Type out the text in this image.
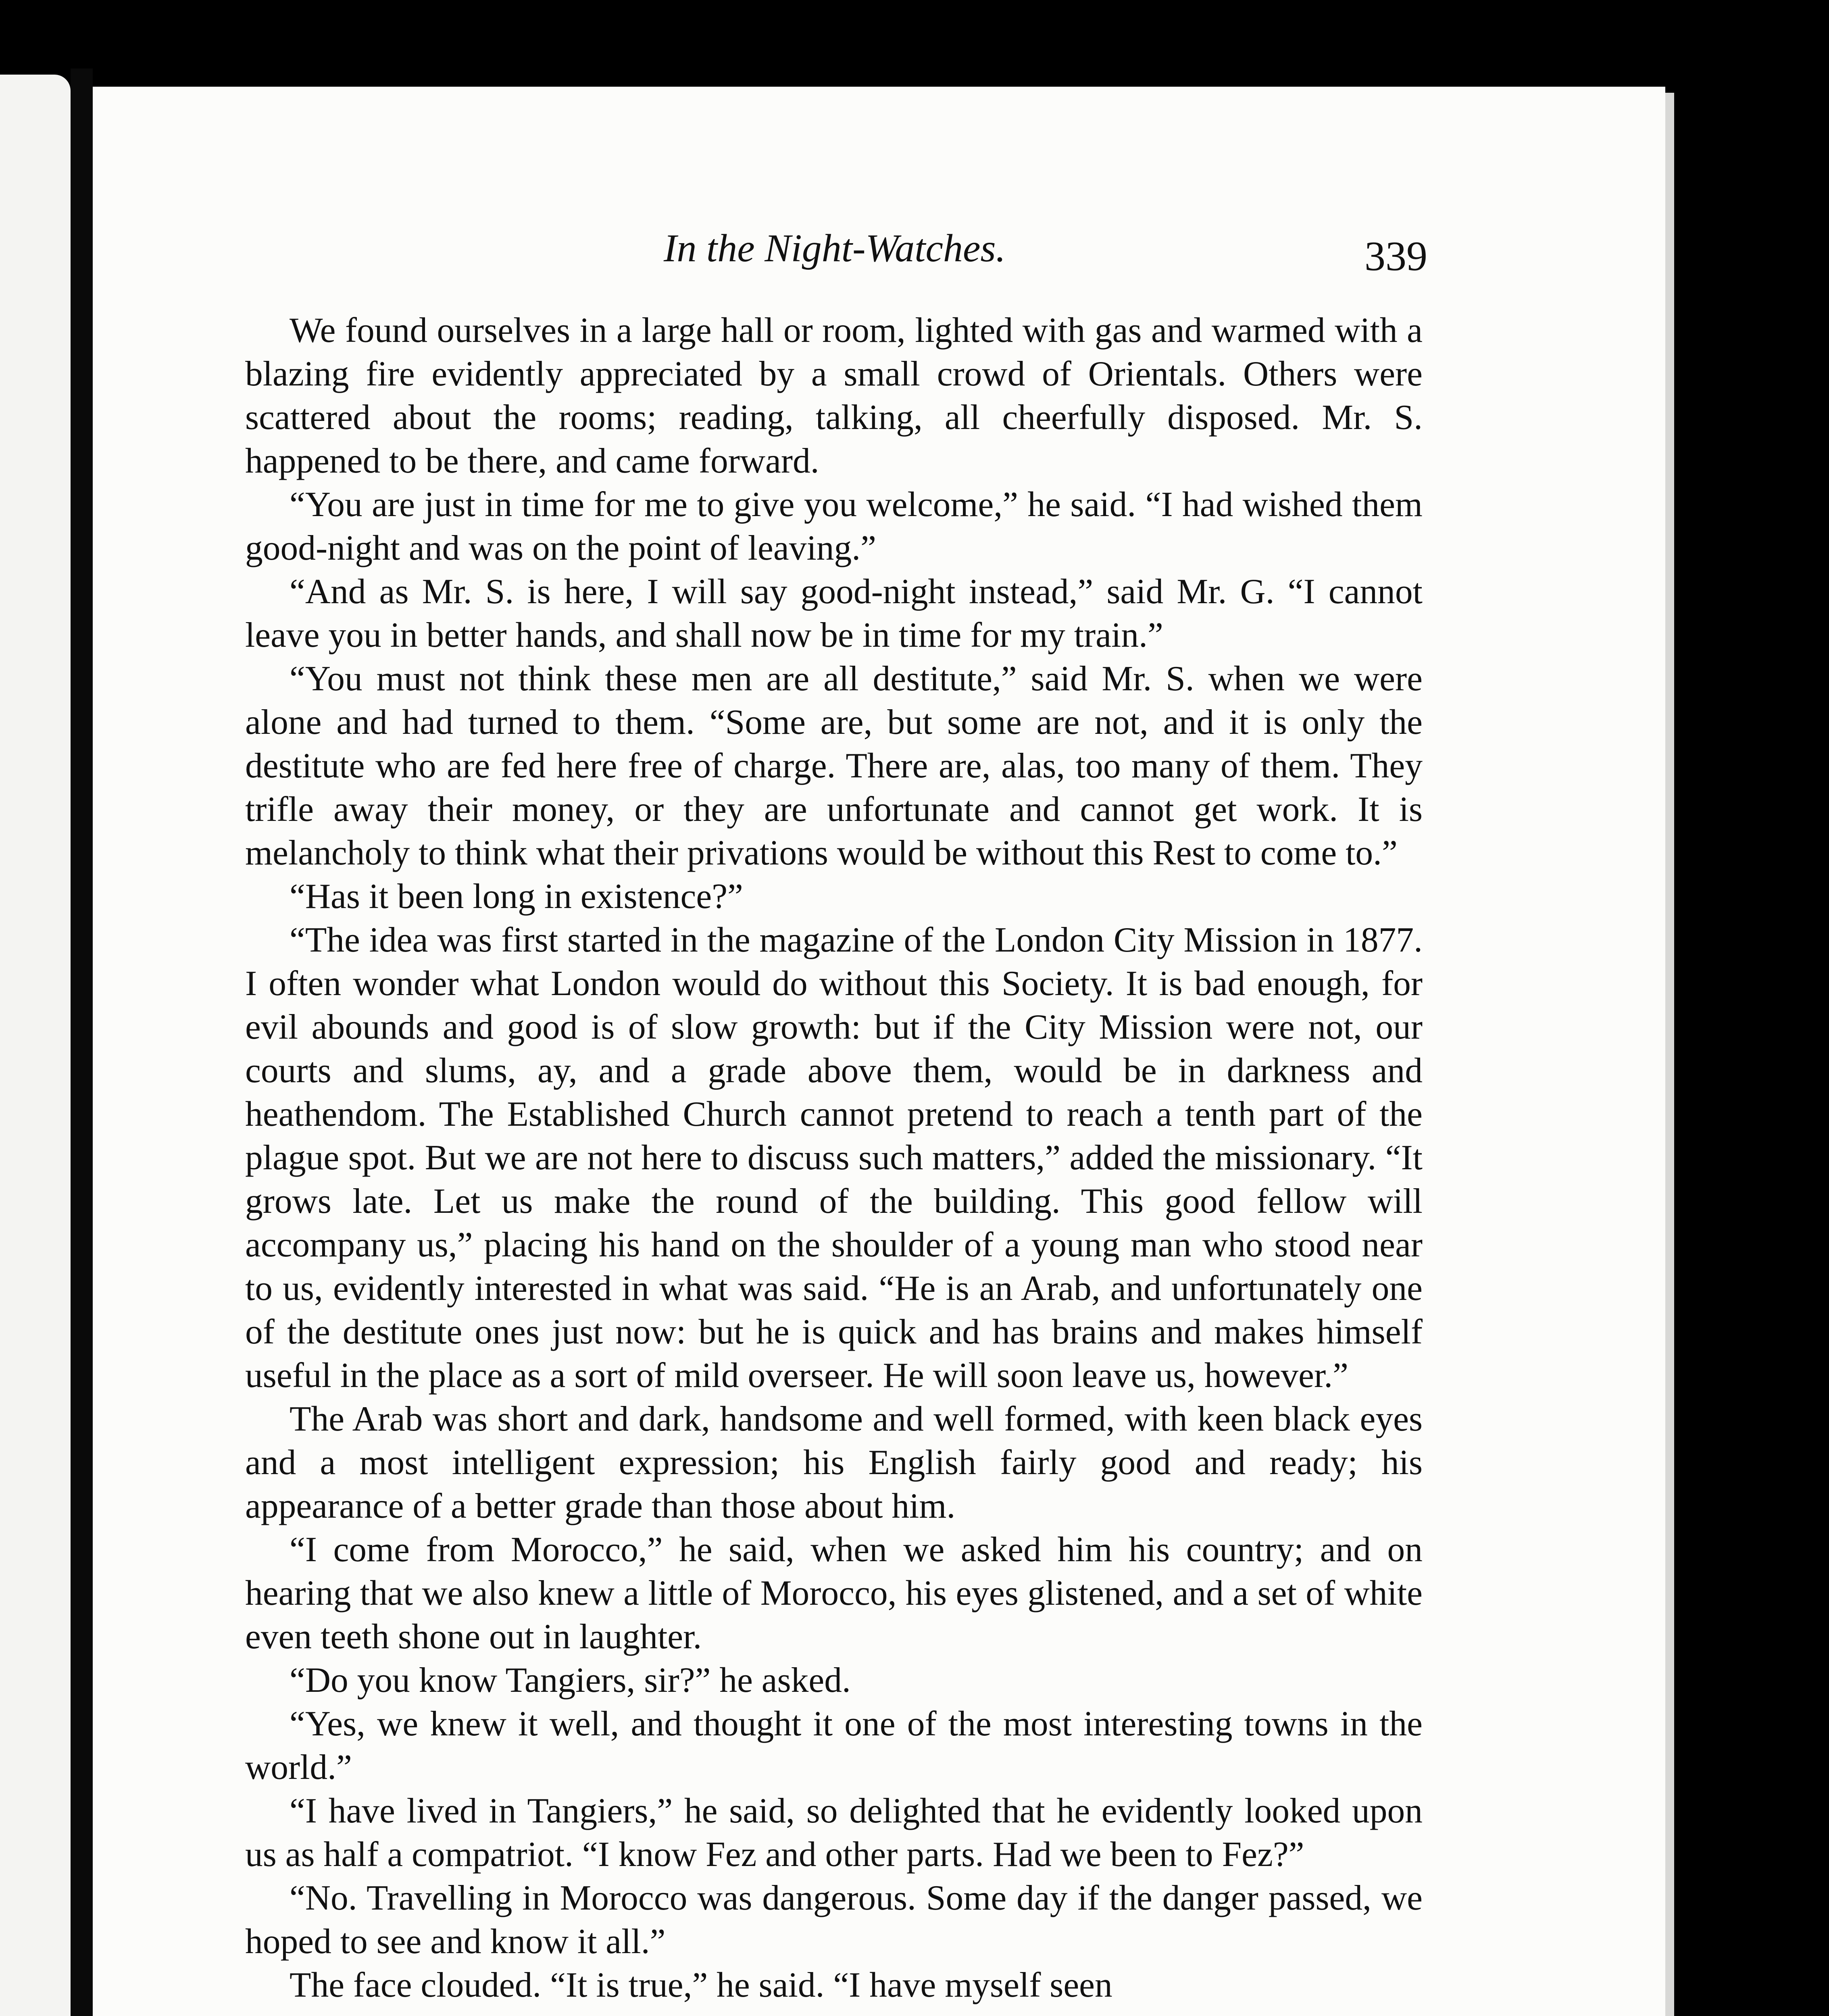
In the Night-Watches.	339

We found ourselves in a large hall or room, lighted with gas and warmed with a blazing fire evidently appreciated by a small crowd of Orientals. Others were scattered about the rooms; reading, talking, all cheerfully disposed. Mr. S. happened to be there, and came forward.

“You are just in time for me to give you welcome,” he said. “I had wished them good-night and was on the point of leaving.”

“And as Mr. S. is here, I will say good-night instead,” said Mr. G. “I cannot leave you in better hands, and shall now be in time for my train.”

“You must not think these men are all destitute,” said Mr. S. when we were alone and had turned to them. “Some are, but some are not, and it is only the destitute who are fed here free of charge. There are, alas, too many of them. They trifle away their money, or they are unfortunate and cannot get work. It is melancholy to think what their privations would be without this Rest to come to.”

“Has it been long in existence?”

“The idea was first started in the magazine of the London City Mission in 1877. I often wonder what London would do without this Society. It is bad enough, for evil abounds and good is of slow growth: but if the City Mission were not, our courts and slums, ay, and a grade above them, would be in darkness and heathendom. The Established Church cannot pretend to reach a tenth part of the plague spot. But we are not here to discuss such matters,” added the missionary. “It grows late. Let us make the round of the building. This good fellow will accompany us,” placing his hand on the shoulder of a young man who stood near to us, evidently interested in what was said. “He is an Arab, and unfortunately one of the destitute ones just now: but he is quick and has brains and makes himself useful in the place as a sort of mild overseer. He will soon leave us, however.”

The Arab was short and dark, handsome and well formed, with keen black eyes and a most intelligent expression; his English fairly good and ready; his appearance of a better grade than those about him.

“I come from Morocco,” he said, when we asked him his country; and on hearing that we also knew a little of Morocco, his eyes glistened, and a set of white even teeth shone out in laughter.

“Do you know Tangiers, sir?” he asked.

“Yes, we knew it well, and thought it one of the most interesting towns in the world.”

“I have lived in Tangiers,” he said, so delighted that he evidently looked upon us as half a compatriot. “I know Fez and other parts. Had we been to Fez?”

“No. Travelling in Morocco was dangerous. Some day if the danger passed, we hoped to see and know it all.”

The face clouded. “It is true,” he said. “I have myself seen
